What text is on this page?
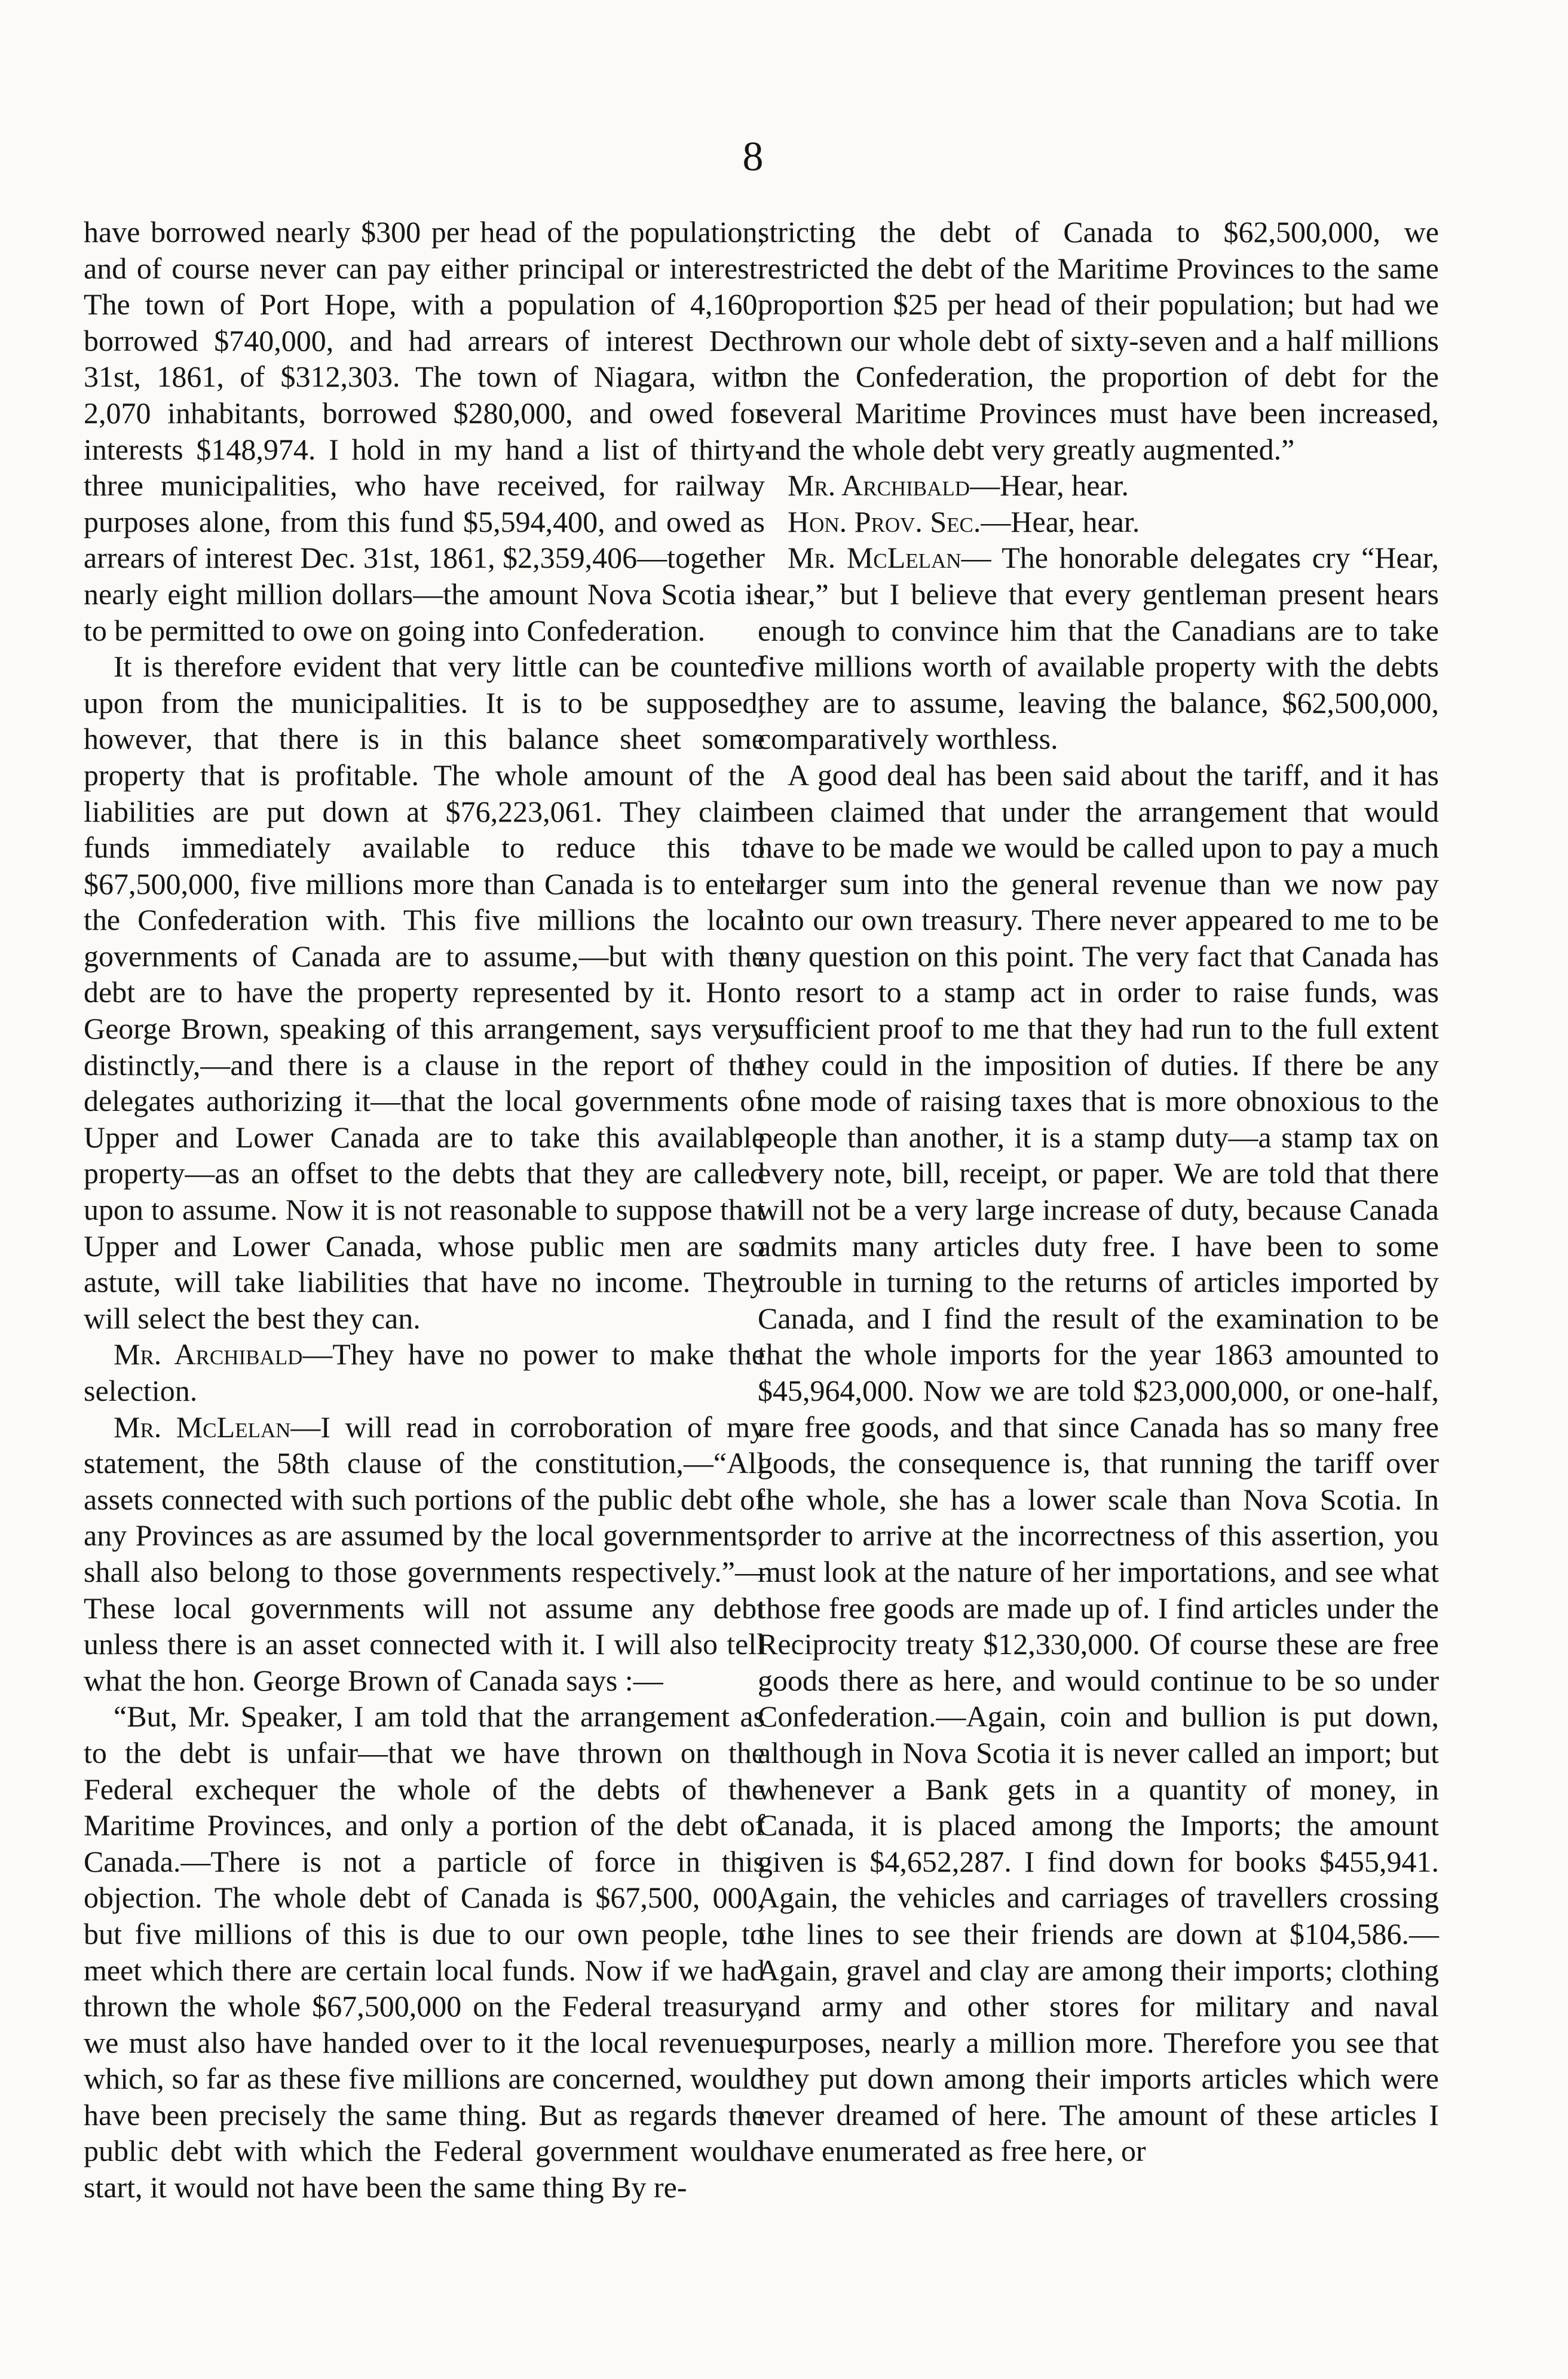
8

have borrowed nearly $300 per head of the population, and of course never can pay either principal or interest. The town of Port Hope, with a population of 4,160, borrowed $740,000, and had arrears of interest Dec. 31st, 1861, of $312,303. The town of Niagara, with 2,070 inhabitants, borrowed $280,000, and owed for interests $148,974. I hold in my hand a list of thirty-three municipalities, who have received, for railway purposes alone, from this fund $5,594,400, and owed as arrears of interest Dec. 31st, 1861, $2,359,406—together nearly eight million dollars—the amount Nova Scotia is to be permitted to owe on going into Confederation.

It is therefore evident that very little can be counted upon from the municipalities. It is to be supposed, however, that there is in this balance sheet some property that is profitable. The whole amount of the liabilities are put down at $76,223,061. They claim funds immediately available to reduce this to $67,500,000, five millions more than Canada is to enter the Confederation with. This five millions the local governments of Canada are to assume,—but with the debt are to have the property represented by it. Hon. George Brown, speaking of this arrangement, says very distinctly,—and there is a clause in the report of the delegates authorizing it—that the local governments of Upper and Lower Canada are to take this available property—as an offset to the debts that they are called upon to assume. Now it is not reasonable to suppose that Upper and Lower Canada, whose public men are so astute, will take liabilities that have no income. They will select the best they can.

Mr. Archibald—They have no power to make the selection.

Mr. McLelan—I will read in corroboration of my statement, the 58th clause of the constitution,—“All assets connected with such portions of the public debt of any Provinces as are assumed by the local governments, shall also belong to those governments respectively.”—These local governments will not assume any debt unless there is an asset connected with it. I will also tell what the hon. George Brown of Canada says :—

“But, Mr. Speaker, I am told that the arrangement as to the debt is unfair—that we have thrown on the Federal exchequer the whole of the debts of the Maritime Provinces, and only a portion of the debt of Canada.—There is not a particle of force in this objection. The whole debt of Canada is $67,500, 000, but five millions of this is due to our own people, to meet which there are certain local funds. Now if we had thrown the whole $67,500,000 on the Federal treasury, we must also have handed over to it the local revenues which, so far as these five millions are concerned, would have been precisely the same thing. But as regards the public debt with which the Federal government would start, it would not have been the same thing By re-

stricting the debt of Canada to $62,500,000, we restricted the debt of the Maritime Provinces to the same proportion $25 per head of their population; but had we thrown our whole debt of sixty-seven and a half millions on the Confederation, the proportion of debt for the several Maritime Provinces must have been increased, and the whole debt very greatly augmented.”

Mr. Archibald—Hear, hear.

Hon. Prov. Sec.—Hear, hear.

Mr. McLelan— The honorable delegates cry “Hear, hear,” but I believe that every gentleman present hears enough to convince him that the Canadians are to take five millions worth of available property with the debts they are to assume, leaving the balance, $62,500,000, comparatively worthless.

A good deal has been said about the tariff, and it has been claimed that under the arrangement that would have to be made we would be called upon to pay a much larger sum into the general revenue than we now pay into our own treasury. There never appeared to me to be any question on this point. The very fact that Canada has to resort to a stamp act in order to raise funds, was sufficient proof to me that they had run to the full extent they could in the imposition of duties. If there be any one mode of raising taxes that is more obnoxious to the people than another, it is a stamp duty—a stamp tax on every note, bill, receipt, or paper. We are told that there will not be a very large increase of duty, because Canada admits many articles duty free. I have been to some trouble in turning to the returns of articles imported by Canada, and I find the result of the examination to be that the whole imports for the year 1863 amounted to $45,964,000. Now we are told $23,000,000, or one-half, are free goods, and that since Canada has so many free goods, the consequence is, that running the tariff over the whole, she has a lower scale than Nova Scotia. In order to arrive at the incorrectness of this assertion, you must look at the nature of her importations, and see what those free goods are made up of. I find articles under the Reciprocity treaty $12,330,000. Of course these are free goods there as here, and would continue to be so under Confederation.—Again, coin and bullion is put down, although in Nova Scotia it is never called an import; but whenever a Bank gets in a quantity of money, in Canada, it is placed among the Imports; the amount given is $4,652,287. I find down for books $455,941. Again, the vehicles and carriages of travellers crossing the lines to see their friends are down at $104,586.—Again, gravel and clay are among their imports; clothing and army and other stores for military and naval purposes, nearly a million more. Therefore you see that they put down among their imports articles which were never dreamed of here. The amount of these articles I have enumerated as free here, or
